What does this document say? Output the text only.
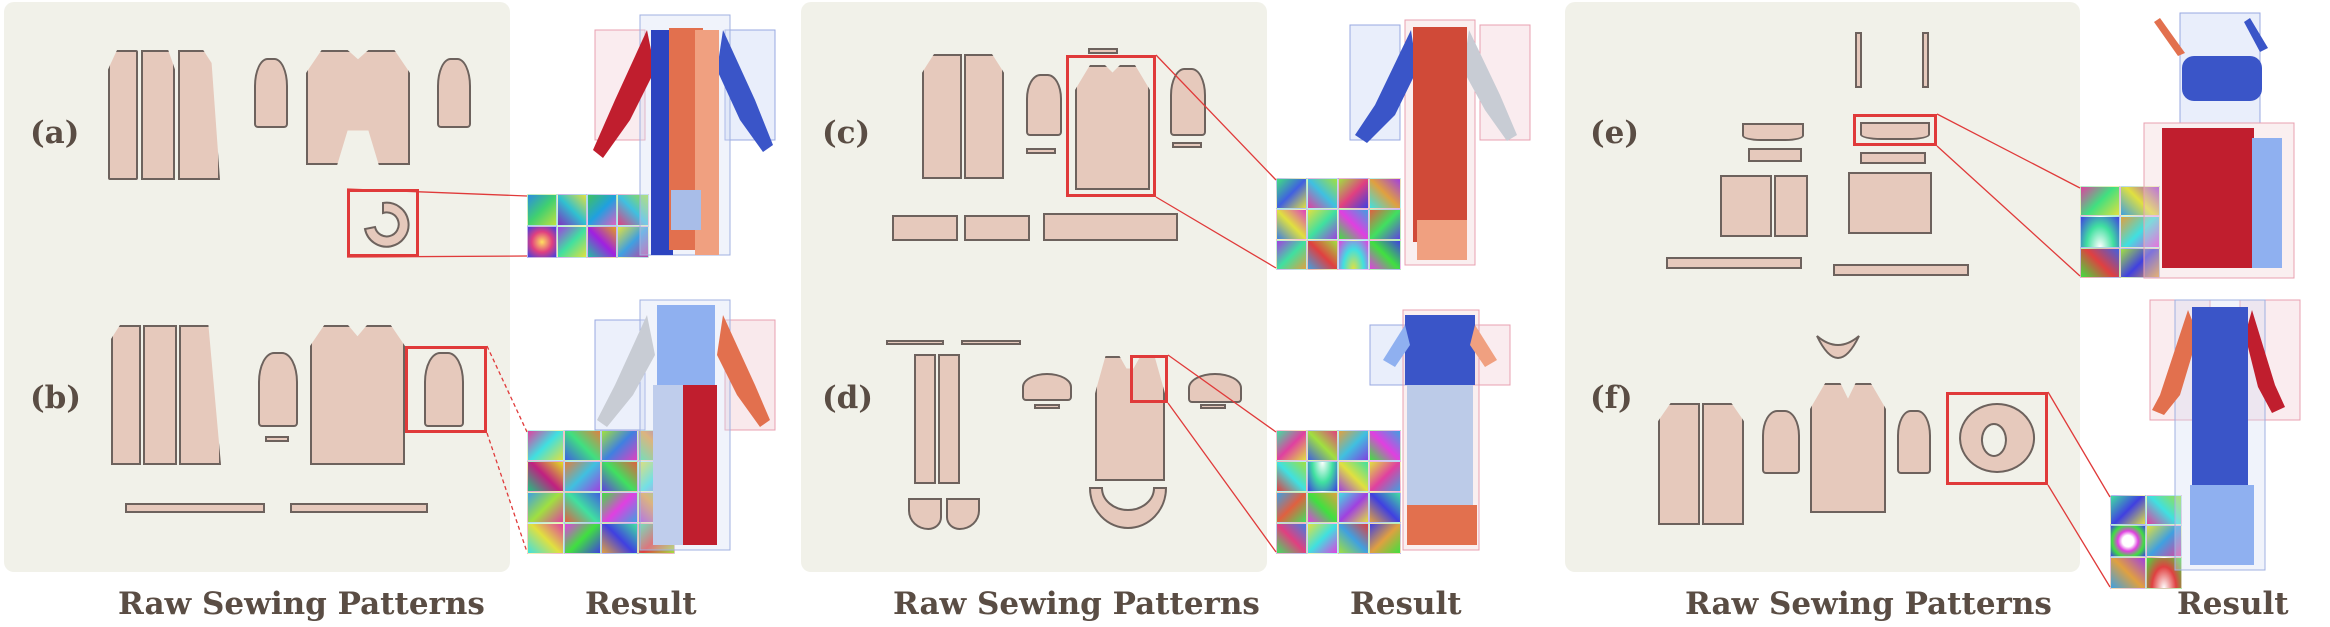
(a)
(b)
(c)
(d)
(e)
(f)
Raw Sewing Patterns	Result	Raw Sewing Patterns	Result	Raw Sewing Patterns	Result
